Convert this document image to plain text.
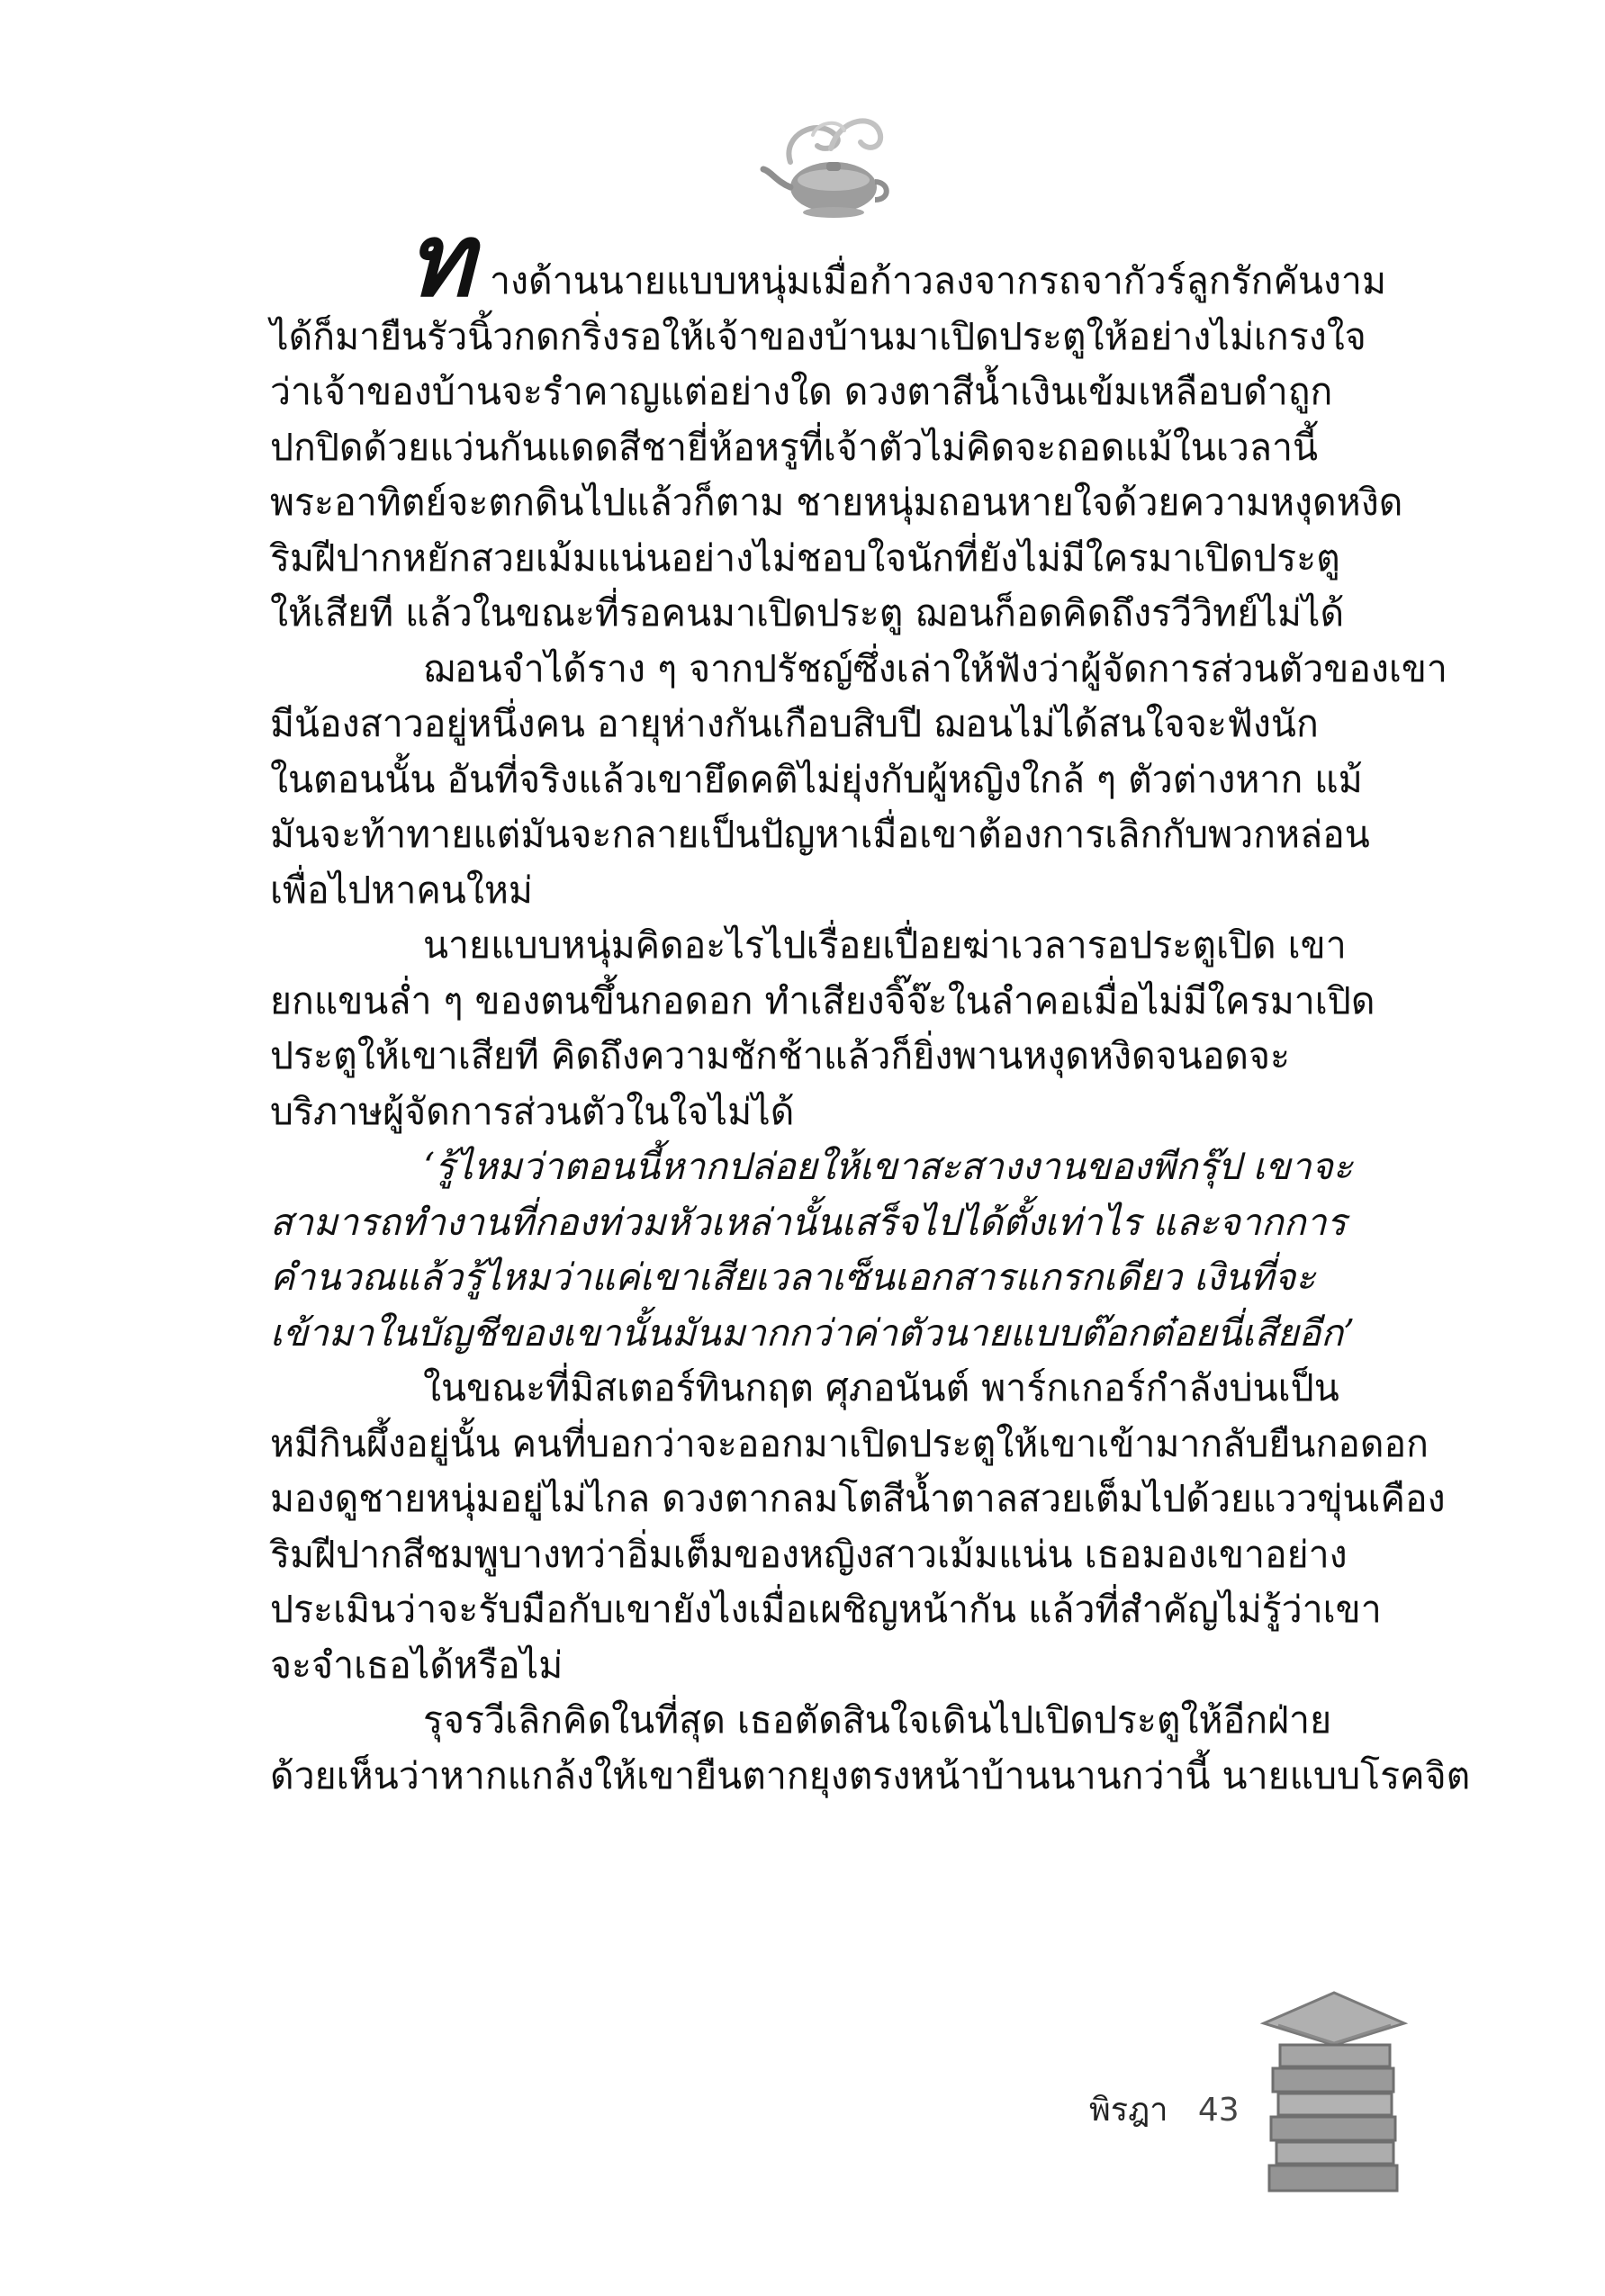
ท างด้านนายแบบหนุ่มเมื่อก้าวลงจากรถจากัวร์ลูกรักคันงาม
ได้ก็มายืนรัวนิ้วกดกริ่งรอให้เจ้าของบ้านมาเปิดประตูให้อย่างไม่เกรงใจ
ว่าเจ้าของบ้านจะรำคาญแต่อย่างใด ดวงตาสีน้ำเงินเข้มเหลือบดำถูก
ปกปิดด้วยแว่นกันแดดสีชายี่ห้อหรูที่เจ้าตัวไม่คิดจะถอดแม้ในเวลานี้
พระอาทิตย์จะตกดินไปแล้วก็ตาม ชายหนุ่มถอนหายใจด้วยความหงุดหงิด
ริมฝีปากหยักสวยเม้มแน่นอย่างไม่ชอบใจนักที่ยังไม่มีใครมาเปิดประตู
ให้เสียที แล้วในขณะที่รอคนมาเปิดประตู ฌอนก็อดคิดถึงรวีวิทย์ไม่ได้
ฌอนจำได้ราง ๆ จากปรัชญ์ซึ่งเล่าให้ฟังว่าผู้จัดการส่วนตัวของเขา
มีน้องสาวอยู่หนึ่งคน อายุห่างกันเกือบสิบปี ฌอนไม่ได้สนใจจะฟังนัก
ในตอนนั้น อันที่จริงแล้วเขายึดคติไม่ยุ่งกับผู้หญิงใกล้ ๆ ตัวต่างหาก แม้
มันจะท้าทายแต่มันจะกลายเป็นปัญหาเมื่อเขาต้องการเลิกกับพวกหล่อน
เพื่อไปหาคนใหม่
นายแบบหนุ่มคิดอะไรไปเรื่อยเปื่อยฆ่าเวลารอประตูเปิด เขา
ยกแขนล่ำ ๆ ของตนขึ้นกอดอก ทำเสียงจิ๊จ๊ะในลำคอเมื่อไม่มีใครมาเปิด
ประตูให้เขาเสียที คิดถึงความชักช้าแล้วก็ยิ่งพานหงุดหงิดจนอดจะ
บริภาษผู้จัดการส่วนตัวในใจไม่ได้
‘รู้ไหมว่าตอนนี้หากปล่อยให้เขาสะสางงานของพีกรุ๊ป เขาจะ
สามารถทำงานที่กองท่วมหัวเหล่านั้นเสร็จไปได้ตั้งเท่าไร และจากการ
คำนวณแล้วรู้ไหมว่าแค่เขาเสียเวลาเซ็นเอกสารแกรกเดียว เงินที่จะ
เข้ามาในบัญชีของเขานั้นมันมากกว่าค่าตัวนายแบบต๊อกต๋อยนี่เสียอีก’
ในขณะที่มิสเตอร์ทินกฤต ศุภอนันต์ พาร์กเกอร์กำลังบ่นเป็น
หมีกินผึ้งอยู่นั้น คนที่บอกว่าจะออกมาเปิดประตูให้เขาเข้ามากลับยืนกอดอก
มองดูชายหนุ่มอยู่ไม่ไกล ดวงตากลมโตสีน้ำตาลสวยเต็มไปด้วยแววขุ่นเคือง
ริมฝีปากสีชมพูบางทว่าอิ่มเต็มของหญิงสาวเม้มแน่น เธอมองเขาอย่าง
ประเมินว่าจะรับมือกับเขายังไงเมื่อเผชิญหน้ากัน แล้วที่สำคัญไม่รู้ว่าเขา
จะจำเธอได้หรือไม่
รุจรวีเลิกคิดในที่สุด เธอตัดสินใจเดินไปเปิดประตูให้อีกฝ่าย
ด้วยเห็นว่าหากแกล้งให้เขายืนตากยุงตรงหน้าบ้านนานกว่านี้ นายแบบโรคจิต
พิรฎา 43
